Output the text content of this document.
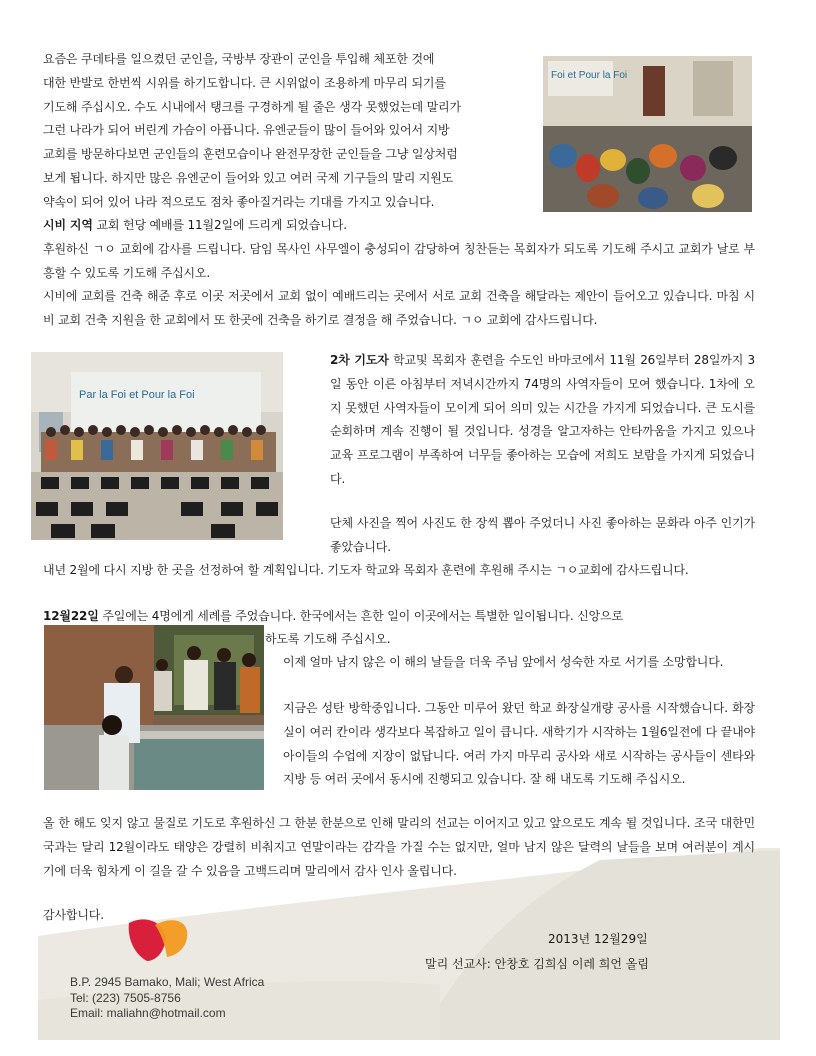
요즘은 쿠데타를 일으켰던 군인을, 국방부 장관이 군인을 투입해 체포한 것에

대한 반발로 한번씩 시위를 하기도합니다. 큰 시위없이 조용하게 마무리 되기를

기도해 주십시오. 수도 시내에서 탱크를 구경하게 될 줄은 생각 못했었는데 말리가

그런 나라가 되어 버린게 가슴이 아픕니다. 유엔군들이 많이 들어와 있어서 지방

교회를 방문하다보면 군인들의 훈련모습이나 완전무장한 군인들을 그냥 일상처럼

보게 됩니다. 하지만 많은 유엔군이 들어와 있고 여러 국제 기구들의 말리 지원도

약속이 되어 있어 나라 적으로도 점차 좋아질거라는 기대를 가지고 있습니다.

Foi et Pour la Foi

시비 지역 교회 헌당 예배를 11월2일에 드리게 되었습니다.

후원하신 ㄱㅇ 교회에 감사를 드립니다. 담임 목사인 사무엘이 충성되이 감당하여 칭찬듣는 목회자가 되도록 기도해 주시고 교회가 날로 부흥할 수 있도록 기도해 주십시오.

시비에 교회를 건축 해준 후로 이곳 저곳에서 교회 없이 예배드리는 곳에서 서로 교회 건축을 해달라는 제안이 들어오고 있습니다. 마침 시비 교회 건축 지원을 한 교회에서 또 한곳에 건축을 하기로 결정을 해 주었습니다. ㄱㅇ 교회에 감사드립니다.

Par la Foi et Pour la Foi

2차 기도자 학교및 목회자 훈련을 수도인 바마코에서 11월 26일부터 28일까지 3일 동안 이른 아침부터 저녁시간까지 74명의 사역자들이 모여 했습니다. 1차에 오지 못했던 사역자들이 모이게 되어 의미 있는 시간을 가지게 되었습니다. 큰 도시를 순회하며 계속 진행이 될 것입니다. 성경을 알고자하는 안타까움을 가지고 있으나 교육 프로그램이 부족하여 너무들 좋아하는 모습에 저희도 보람을 가지게 되었습니다.

단체 사진을 찍어 사진도 한 장씩 뽑아 주었더니 사진 좋아하는 문화라 아주 인기가 좋았습니다.

내년 2월에 다시 지방 한 곳을 선정하여 할 계획입니다. 기도자 학교와 목회자 훈련에 후원해 주시는 ㄱㅇ교회에 감사드립니다.

12월22일 주일에는 4명에게 세례를 주었습니다. 한국에서는 흔한 일이 이곳에서는 특별한 일이됩니다. 신앙으로

하도록 기도해 주십시오.

이제 얼마 남지 않은 이 해의 날들을 더욱 주님 앞에서 성숙한 자로 서기를 소망합니다.

지금은 성탄 방학중입니다. 그동안 미루어 왔던 학교 화장실개량 공사를 시작했습니다. 화장실이 여러 칸이라 생각보다 복잡하고 일이 큽니다. 새학기가 시작하는 1월6일전에 다 끝내야 아이들의 수업에 지장이 없답니다. 여러 가지 마무리 공사와 새로 시작하는 공사들이 센타와 지방 등 여러 곳에서 동시에 진행되고 있습니다. 잘 해 내도록 기도해 주십시오.

올 한 해도 잊지 않고 물질로 기도로 후원하신 그 한분 한분으로 인해 말리의 선교는 이어지고 있고 앞으로도 계속 될 것입니다. 조국 대한민국과는 달리 12월이라도 태양은 강렬히 비춰지고 연말이라는 감각을 가질 수는 없지만, 얼마 남지 않은 달력의 날들을 보며 여러분이 계시기에 더욱 힘차게 이 길을 갈 수 있음을 고백드리며 말리에서 감사 인사 올립니다.

감사합니다.

2013년 12월29일
말리 선교사: 안창호 김희심 이레 희언 올림
B.P. 2945 Bamako, Mali; West Africa
Tel: (223) 7505-8756
Email: maliahn@hotmail.com
